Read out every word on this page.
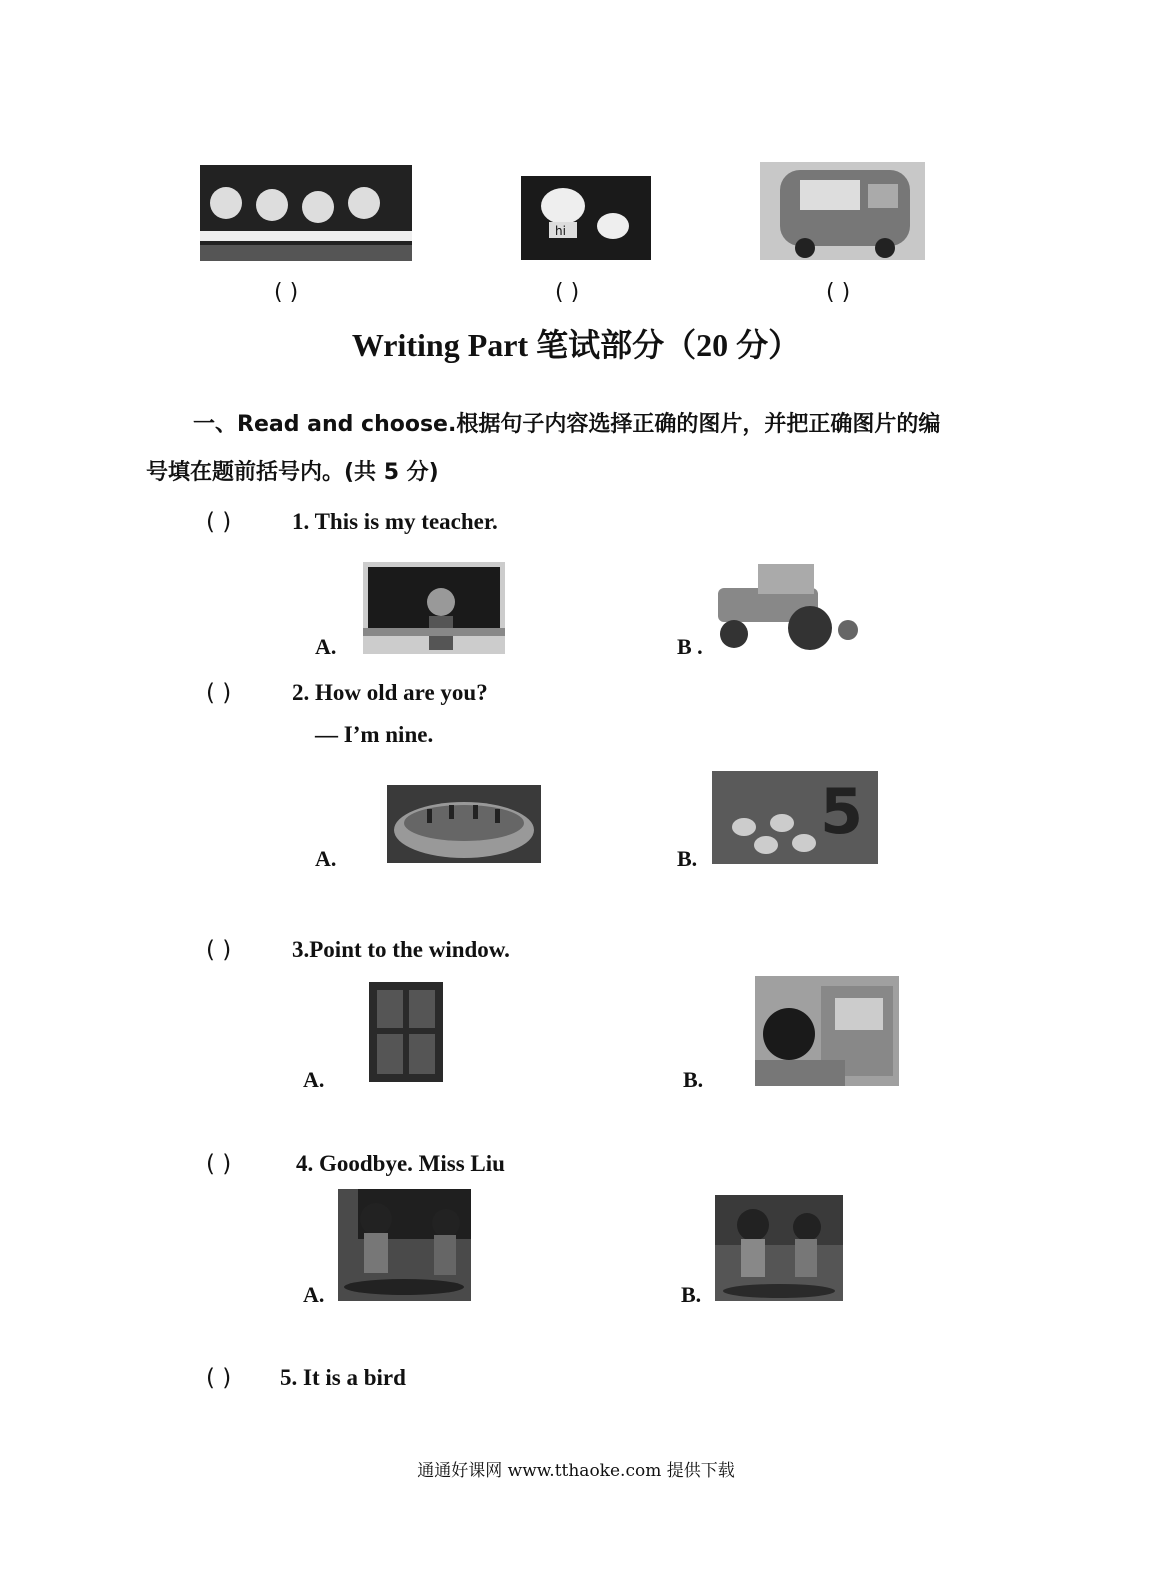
hi
( )	( )	( )
Writing Part 笔试部分（20 分）
一、Read and choose.根据句子内容选择正确的图片，并把正确图片的编
号填在题前括号内。(共 5 分)
( )	1. This is my teacher.
A.	B .
( )	2. How old are you?
— I’m nine.
A.	B.
5
( )	3.Point to the window.
A.	B.
( )	4. Goodbye. Miss Liu
A.	B.
( ) 5. It is a bird
通通好课网 www.tthaoke.com 提供下载
